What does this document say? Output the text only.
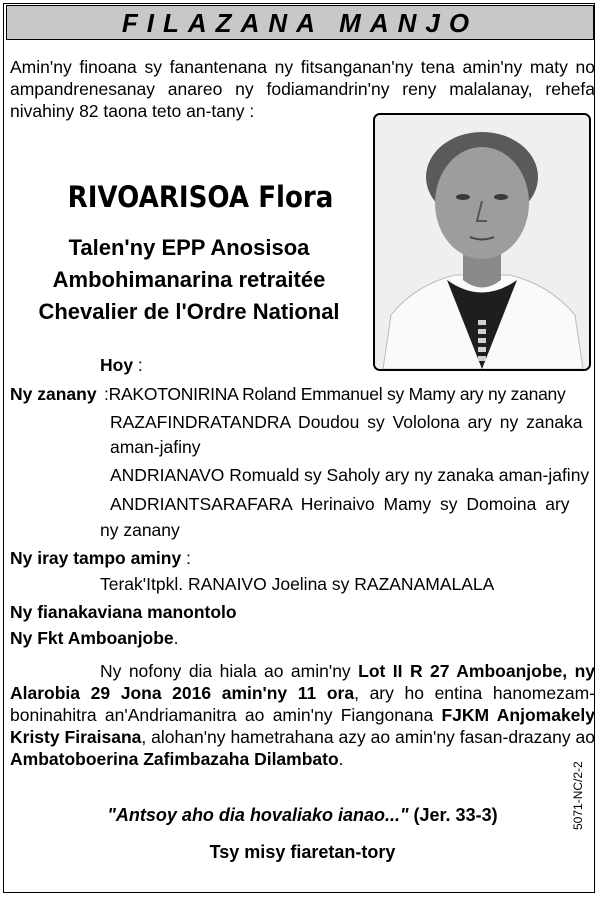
FILAZANA MANJO
Amin'ny finoana sy fanantenana ny fitsanganan'ny tena amin'ny maty no ampandrenesanay anareo ny fodiamandrin'ny reny malalanay, rehefa nivahiny 82 taona teto an-tany :
RIVOARISOA Flora
Talen'ny EPP Anosisoa
Ambohimanarina retraitée
Chevalier de l'Ordre National
Hoy :
Ny zanany :RAKOTONIRINA Roland Emmanuel sy Mamy ary ny zanany
RAZAFINDRATANDRA Doudou sy Vololona ary ny zanaka
aman-jafiny
ANDRIANAVO Romuald sy Saholy ary ny zanaka aman-jafiny
ANDRIANTSARAFARA Herinaivo Mamy sy Domoina ary
ny zanany
Ny iray tampo aminy :
Terak'Itpkl. RANAIVO Joelina sy RAZANAMALALA
Ny fianakaviana manontolo
Ny Fkt Amboanjobe.
Ny nofony dia hiala ao amin'ny Lot II R 27 Amboanjobe, ny Alarobia 29 Jona 2016 amin'ny 11 ora, ary ho entina hanomezam-boninahitra an'Andriamanitra ao amin'ny Fiangonana FJKM Anjomakely Kristy Firaisana, alohan'ny hametrahana azy ao amin'ny fasan-drazany ao Ambatoboerina Zafimbazaha Dilambato.
"Antsoy aho dia hovaliako ianao..." (Jer. 33-3)
Tsy misy fiaretan-tory
5071-NC/2-2
